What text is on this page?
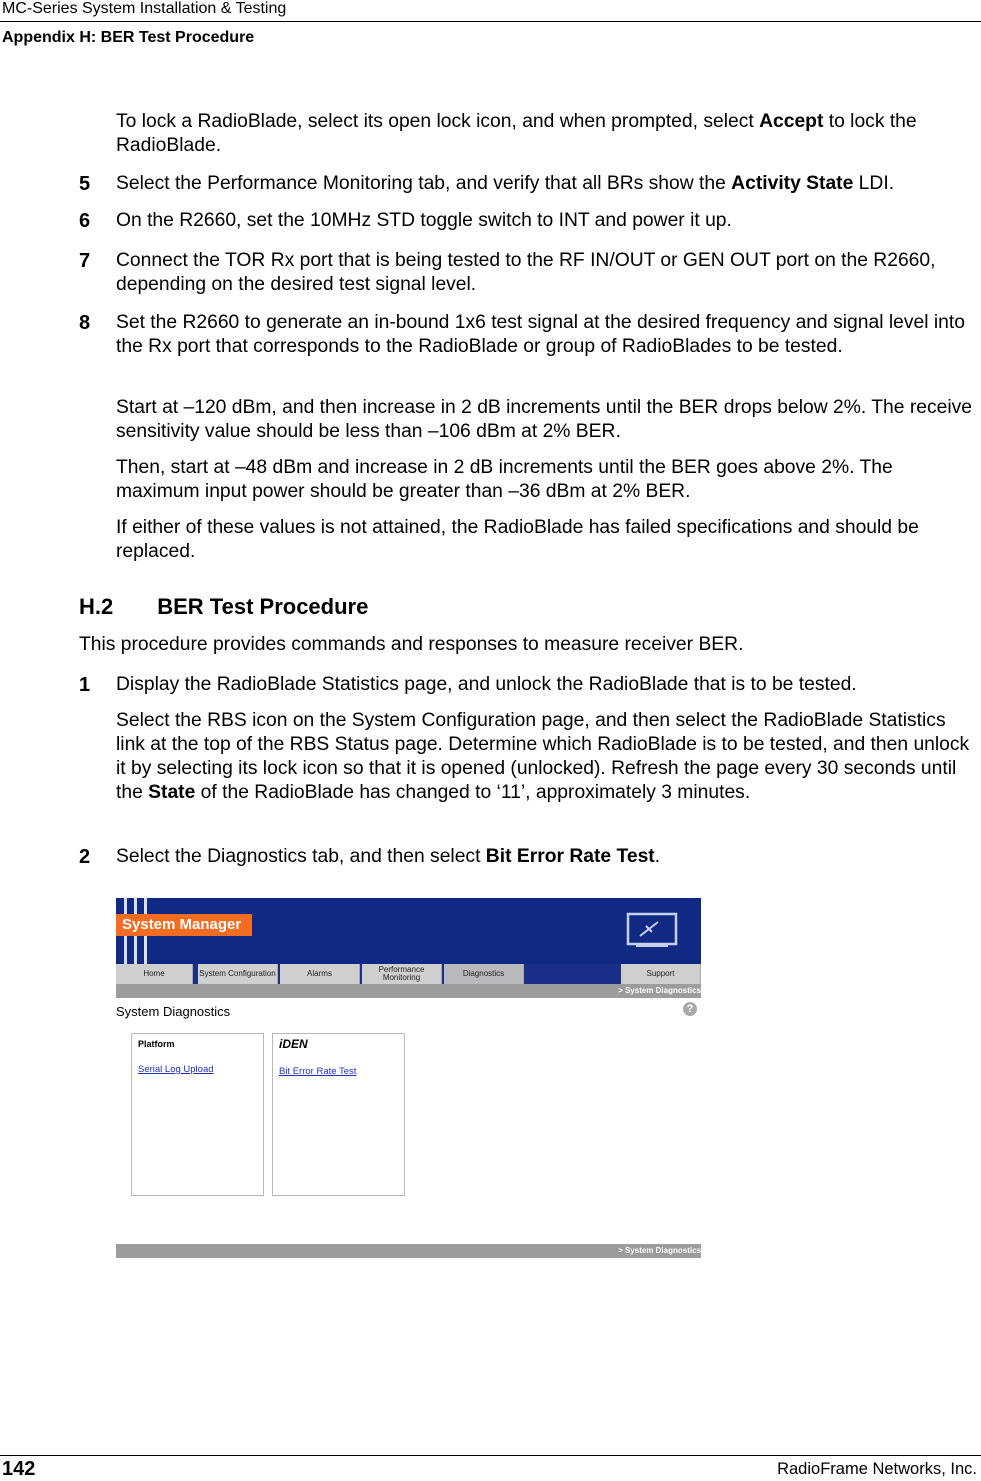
MC-Series System Installation & Testing
Appendix H: BER Test Procedure
To lock a RadioBlade, select its open lock icon, and when prompted, select Accept to lock the RadioBlade.
5 Select the Performance Monitoring tab, and verify that all BRs show the Activity State LDI.
6 On the R2660, set the 10MHz STD toggle switch to INT and power it up.
7 Connect the TOR Rx port that is being tested to the RF IN/OUT or GEN OUT port on the R2660, depending on the desired test signal level.
8 Set the R2660 to generate an in-bound 1x6 test signal at the desired frequency and signal level into the Rx port that corresponds to the RadioBlade or group of RadioBlades to be tested.
Start at –120 dBm, and then increase in 2 dB increments until the BER drops below 2%. The receive sensitivity value should be less than –106 dBm at 2% BER.
Then, start at –48 dBm and increase in 2 dB increments until the BER goes above 2%. The maximum input power should be greater than –36 dBm at 2% BER.
If either of these values is not attained, the RadioBlade has failed specifications and should be replaced.
H.2 BER Test Procedure
This procedure provides commands and responses to measure receiver BER.
1 Display the RadioBlade Statistics page, and unlock the RadioBlade that is to be tested.
Select the RBS icon on the System Configuration page, and then select the RadioBlade Statistics link at the top of the RBS Status page. Determine which RadioBlade is to be tested, and then unlock it by selecting its lock icon so that it is opened (unlocked). Refresh the page every 30 seconds until the State of the RadioBlade has changed to ‘11’, approximately 3 minutes.
2 Select the Diagnostics tab, and then select Bit Error Rate Test.
System Manager
Home	System Configuration	Alarms	Performance
Monitoring	Diagnostics	Support
> System Diagnostics
System Diagnostics	?
Platform
Serial Log Upload
iDEN
Bit Error Rate Test
> System Diagnostics
142	RadioFrame Networks, Inc.
